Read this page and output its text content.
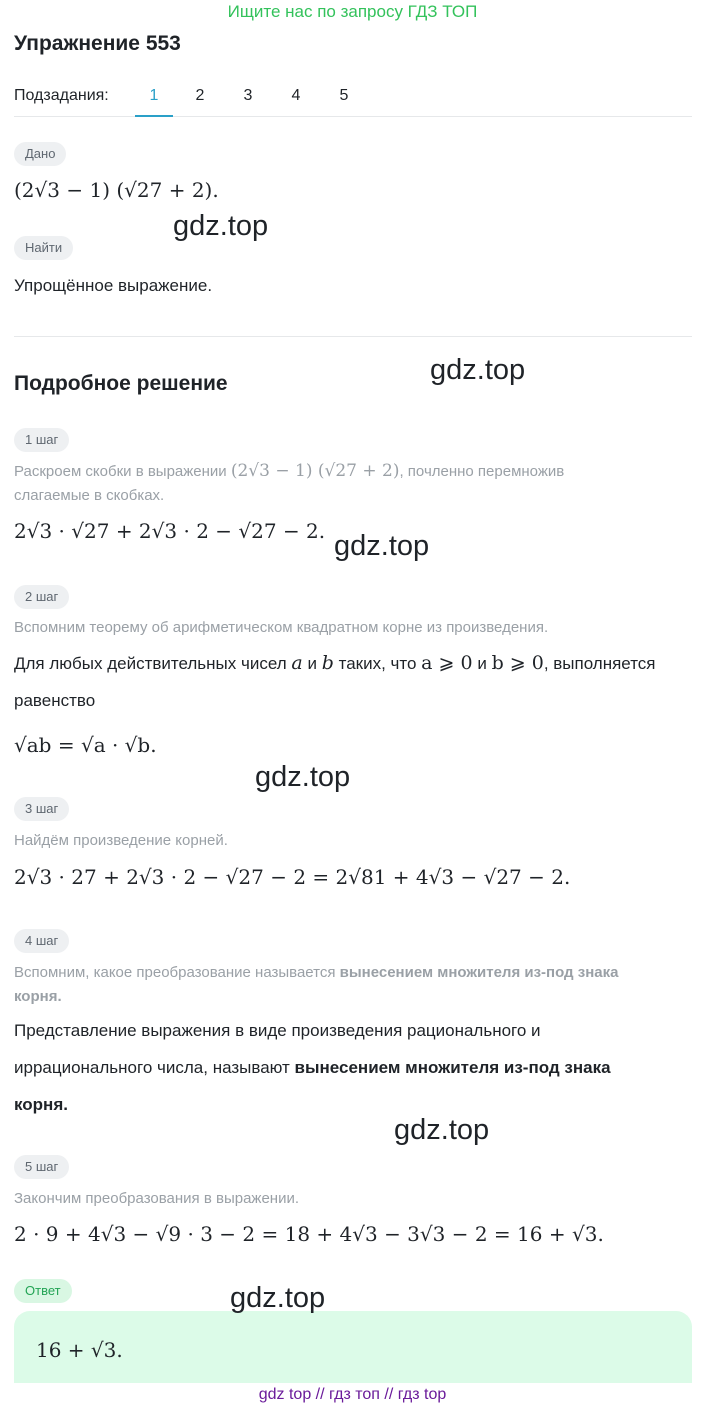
Ищите нас по запросу ГДЗ ТОП
Упражнение 553
Подзадания:	1	2	3	4	5
Дано
(2√3 − 1) (√27 + 2).
Найти
Упрощённое выражение.
Подробное решение
1 шаг
Раскроем скобки в выражении (2√3 − 1) (√27 + 2), почленно перемножив
слагаемые в скобках.
2√3 · √27 + 2√3 · 2 − √27 − 2.
2 шаг
Вспомним теорему об арифметическом квадратном корне из произведения.
Для любых действительных чисел a и b таких, что a ⩾ 0 и b ⩾ 0, выполняется
равенство
√ab = √a · √b.
3 шаг
Найдём произведение корней.
2√3 · 27 + 2√3 · 2 − √27 − 2 = 2√81 + 4√3 − √27 − 2.
4 шаг
Вспомним, какое преобразование называется вынесением множителя из-под знака
корня.
Представление выражения в виде произведения рационального и
иррационального числа, называют вынесением множителя из-под знака
корня.
5 шаг
Закончим преобразования в выражении.
2 · 9 + 4√3 − √9 · 3 − 2 = 18 + 4√3 − 3√3 − 2 = 16 + √3.
Ответ
16 + √3.
gdz.top
gdz.top
gdz.top
gdz.top
gdz.top
gdz.top
gdz top // гдз топ // гдз top
